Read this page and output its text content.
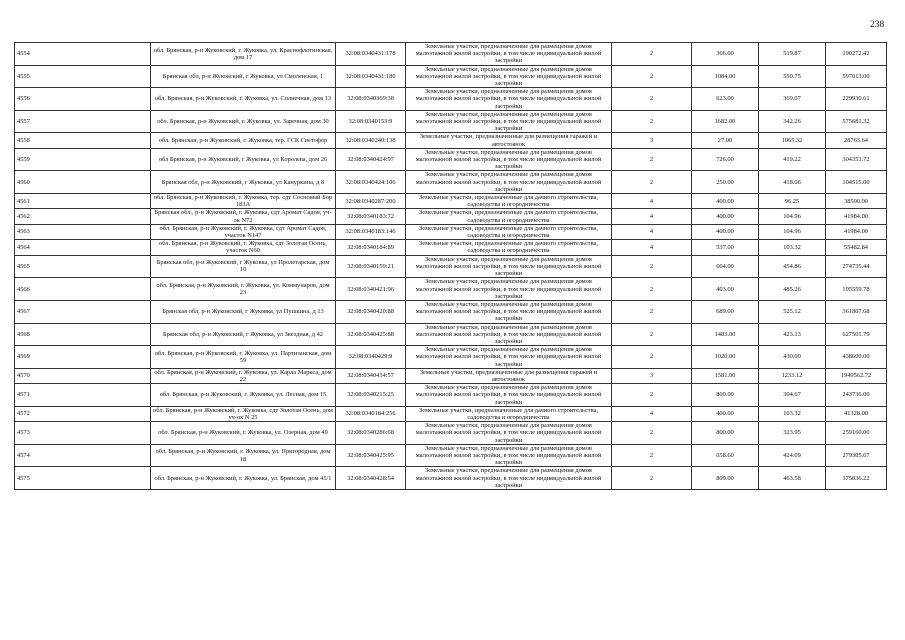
238
4554	обл. Брянская, р-н Жуковский, г. Жуковка, ул. Краснофлотинская, дом 17	32:08:0340431:178	Земельные участки, предназначенные для размещения домов малоэтажной жилой застройки, в том числе индивидуальной жилой застройки	2	366.00	519.87	190272.42
4555	Брянская обл, р-н Жуковский, г Жуковка, ул Смоленская, 1	32:08:0340431:180	Земельные участки, предназначенные для размещения домов малоэтажной жилой застройки, в том числе индивидуальной жилой застройки	2	1084.00	550.75	597013.00
4556	обл. Брянская, р-н Жуковский, г. Жуковка, ул. Солнечная, дом 13	32:08:0340369:38	Земельные участки, предназначенные для размещения домов малоэтажной жилой застройки, в том числе индивидуальной жилой застройки	2	623.00	369.07	229930.61
4557	обл. Брянская, р-н Жуковский, г. Жуковка, ул. Заречная, дом 30	32:08:0340153:9	Земельные участки, предназначенные для размещения домов малоэтажной жилой застройки, в том числе индивидуальной жилой застройки	2	1682.00	342.26	575681.32
4558	обл. Брянская, р-н Жуковский, г. Жуковка, тер. ГСК Светофор	32:08:0340240:138	Земельные участки, предназначенные для размещения гаражей и автостоянок	3	27.00	1065.32	28763.64
4559	обл Брянская, р-н Жуковский, г Жуковка, ул Королева, дом 26	32:08:0340424:97	Земельные участки, предназначенные для размещения домов малоэтажной жилой застройки, в том числе индивидуальной жилой застройки	2	726.00	419.22	304353.72
4560	Брянская обл, р-н Жуковский, г Жуковка, ул Кануркина, д 8	32:08:0340424:106	Земельные участки, предназначенные для размещения домов малоэтажной жилой застройки, в том числе индивидуальной жилой застройки	2	250.00	418.06	104515.00
4561	обл. Брянская, р-н Жуковский, г. Жуковка, тер. сдт Сосновый Бор 183А	32:08:0340287:200	Земельные участки, предназначенные для дачного строительства, садоводства и огородничества	4	400.00	96.25	38500.00
4562	Брянская обл., р-н Жуковский, г. Жуковка, сдт Аромат Садов, уч-ок N72	32:08:0340183:72	Земельные участки, предназначенные для дачного строительства, садоводства и огородничества	4	400.00	104.96	41984.00
4563	обл. Брянская, р-н Жуковский, г. Жуковка, сдт Аромат Садов, участок N147	32:08:0340183:146	Земельные участки, предназначенные для дачного строительства, садоводства и огородничества	4	400.00	104.96	41984.00
4564	обл. Брянская, р-н Жуковский, г. Жуковка, сдт Золотая Осень, участок N60	32:08:0340184:89	Земельные участки, предназначенные для дачного строительства, садоводства и огородничества	4	537.00	103.32	55482.84
4565	Брянская обл, р-н Жуковский, г Жуковка, ул Пролетарская, дом 10	32:08:0340159:21	Земельные участки, предназначенные для размещения домов малоэтажной жилой застройки, в том числе индивидуальной жилой застройки	2	604.00	454.86	274735.44
4566	обл. Брянская, р-н Жуковский, г. Жуковка, ул. Коммунаров, дом 23	32:08:0340421:96	Земельные участки, предназначенные для размещения домов малоэтажной жилой застройки, в том числе индивидуальной жилой застройки	2	403.00	485.26	195559.78
4567	Брянская обл, р-н Жуковский, г Жуковка, ул Пушкина, д 13	32:08:0340420:88	Земельные участки, предназначенные для размещения домов малоэтажной жилой застройки, в том числе индивидуальной жилой застройки	2	689.00	525.12	361807.68
4568	Брянская обл, р-н Жуковский, г Жуковка, ул Звездная, д 42	32:08:0340425:88	Земельные участки, предназначенные для размещения домов малоэтажной жилой застройки, в том числе индивидуальной жилой застройки	2	1483.00	423.13	627501.79
4569	обл. Брянская, р-н Жуковский, г. Жуковка, ул. Партизанская, дом 59	32:08:0340429:9	Земельные участки, предназначенные для размещения домов малоэтажной жилой застройки, в том числе индивидуальной жилой застройки	2	1020.00	430.00	438600.00
4570	обл. Брянская, р-н Жуковский, г. Жуковка, ул. Карла Маркса, дом 22	32:08:0340434:57	Земельные участки, предназначенные для размещения гаражей и автостоянок	3	1581.00	1233.12	1949562.72
4571	обл. Брянская, р-н Жуковский, г. Жуковка, ул. Лесная, дом 15	32:08:0340215:25	Земельные участки, предназначенные для размещения домов малоэтажной жилой застройки, в том числе индивидуальной жилой застройки	2	800.00	304.67	243736.00
4572	обл. Брянская, р-н Жуковский, г. Жуковка, сдт Золотая Осень, дом уч-ок N 25	32:08:0340184:256	Земельные участки, предназначенные для дачного строительства, садоводства и огородничества	4	400.00	103.32	41328.00
4573	обл. Брянская, р-н Жуковский, г. Жуковка, ул. Озерная, дом 49	32:08:0340286:68	Земельные участки, предназначенные для размещения домов малоэтажной жилой застройки, в том числе индивидуальной жилой застройки	2	800.00	323.95	259160.00
4574	обл. Брянская, р-н Жуковский, г. Жуковка, ул. Пригородная, дом 18	32:08:0340425:95	Земельные участки, предназначенные для размещения домов малоэтажной жилой застройки, в том числе индивидуальной жилой застройки	2	658.60	424.09	279305.67
4575	обл. Брянская, р-н Жуковский, г. Жуковка, ул. Брянская, дом 45/1	32:08:0340428:54	Земельные участки, предназначенные для размещения домов малоэтажной жилой застройки, в том числе индивидуальной жилой застройки	2	809.00	463.58	375036.22
